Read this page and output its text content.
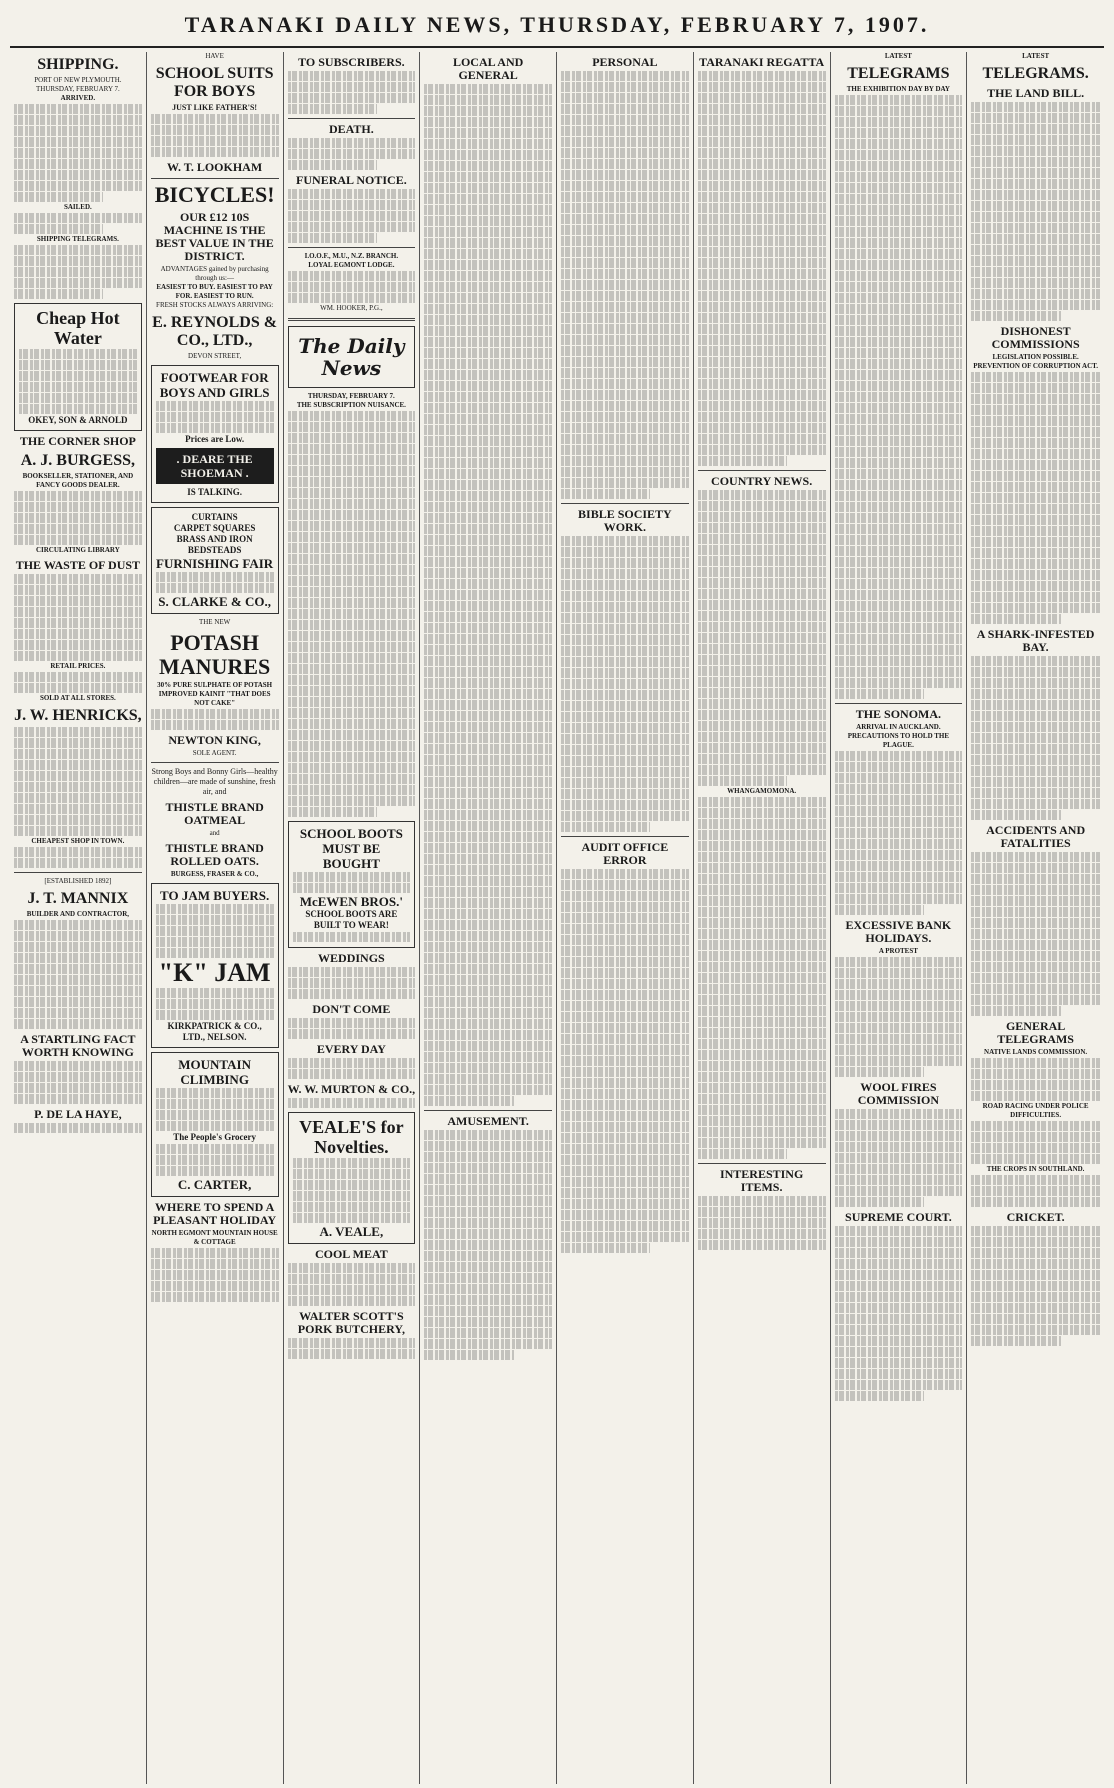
TARANAKI DAILY NEWS, THURSDAY, FEBRUARY 7, 1907.
SHIPPING.
PORT OF NEW PLYMOUTH.
THURSDAY, FEBRUARY 7.
ARRIVED.
SAILED.
SHIPPING TELEGRAMS.
Cheap Hot Water
OKEY, SON & ARNOLD
THE CORNER SHOP
A. J. BURGESS,
BOOKSELLER, STATIONER, AND FANCY GOODS DEALER.
CIRCULATING LIBRARY
THE WASTE OF DUST
RETAIL PRICES.
SOLD AT ALL STORES.
J. W. HENRICKS,
CHEAPEST SHOP IN TOWN.
[ESTABLISHED 1892]
J. T. MANNIX
BUILDER AND CONTRACTOR,
A STARTLING FACT WORTH KNOWING
P. DE LA HAYE,
HAVE
SCHOOL SUITS FOR BOYS
JUST LIKE FATHER'S!
W. T. LOOKHAM
BICYCLES!
OUR £12 10S MACHINE IS THE BEST VALUE IN THE DISTRICT.
ADVANTAGES gained by purchasing through us:—
EASIEST TO BUY. EASIEST TO PAY FOR. EASIEST TO RUN.
FRESH STOCKS ALWAYS ARRIVING:
E. REYNOLDS & CO., LTD.,
DEVON STREET,
FOOTWEAR FOR BOYS AND GIRLS
Prices are Low.
. DEARE THE SHOEMAN .
IS TALKING.
CURTAINS
CARPET SQUARES
BRASS AND IRON BEDSTEADS
FURNISHING FAIR
S. CLARKE & CO.,
THE NEW
POTASH MANURES
30% PURE SULPHATE OF POTASH
IMPROVED KAINIT "THAT DOES NOT CAKE"
NEWTON KING,
SOLE AGENT.
Strong Boys and Bonny Girls—healthy children—are made of sunshine, fresh air, and
THISTLE BRAND OATMEAL
and
THISTLE BRAND ROLLED OATS.
BURGESS, FRASER & CO.,
TO JAM BUYERS.
"K" JAM
KIRKPATRICK & CO., LTD., NELSON.
MOUNTAIN CLIMBING
The People's Grocery
C. CARTER,
WHERE TO SPEND A PLEASANT HOLIDAY
NORTH EGMONT MOUNTAIN HOUSE & COTTAGE
TO SUBSCRIBERS.
DEATH.
FUNERAL NOTICE.
I.O.O.F., M.U., N.Z. BRANCH.
LOYAL EGMONT LODGE.
WM. HOOKER, P.G.,
The Daily News
THURSDAY, FEBRUARY 7.
THE SUBSCRIPTION NUISANCE.
SCHOOL BOOTS MUST BE BOUGHT
McEWEN BROS.'
SCHOOL BOOTS ARE BUILT TO WEAR!
WEDDINGS
DON'T COME
EVERY DAY
W. W. MURTON & CO.,
VEALE'S for Novelties.
A. VEALE,
COOL MEAT
WALTER SCOTT'S PORK BUTCHERY,
LOCAL AND GENERAL
AMUSEMENT.
PERSONAL
BIBLE SOCIETY WORK.
AUDIT OFFICE ERROR
TARANAKI REGATTA
COUNTRY NEWS.
WHANGAMOMONA.
INTERESTING ITEMS.
LATEST
TELEGRAMS
THE EXHIBITION DAY BY DAY
THE SONOMA.
ARRIVAL IN AUCKLAND.
PRECAUTIONS TO HOLD THE PLAGUE.
EXCESSIVE BANK HOLIDAYS.
A PROTEST
WOOL FIRES COMMISSION
SUPREME COURT.
LATEST
TELEGRAMS.
THE LAND BILL.
DISHONEST COMMISSIONS
LEGISLATION POSSIBLE.
PREVENTION OF CORRUPTION ACT.
A SHARK-INFESTED BAY.
ACCIDENTS AND FATALITIES
GENERAL TELEGRAMS
NATIVE LANDS COMMISSION.
ROAD RACING UNDER POLICE DIFFICULTIES.
THE CROPS IN SOUTHLAND.
CRICKET.
